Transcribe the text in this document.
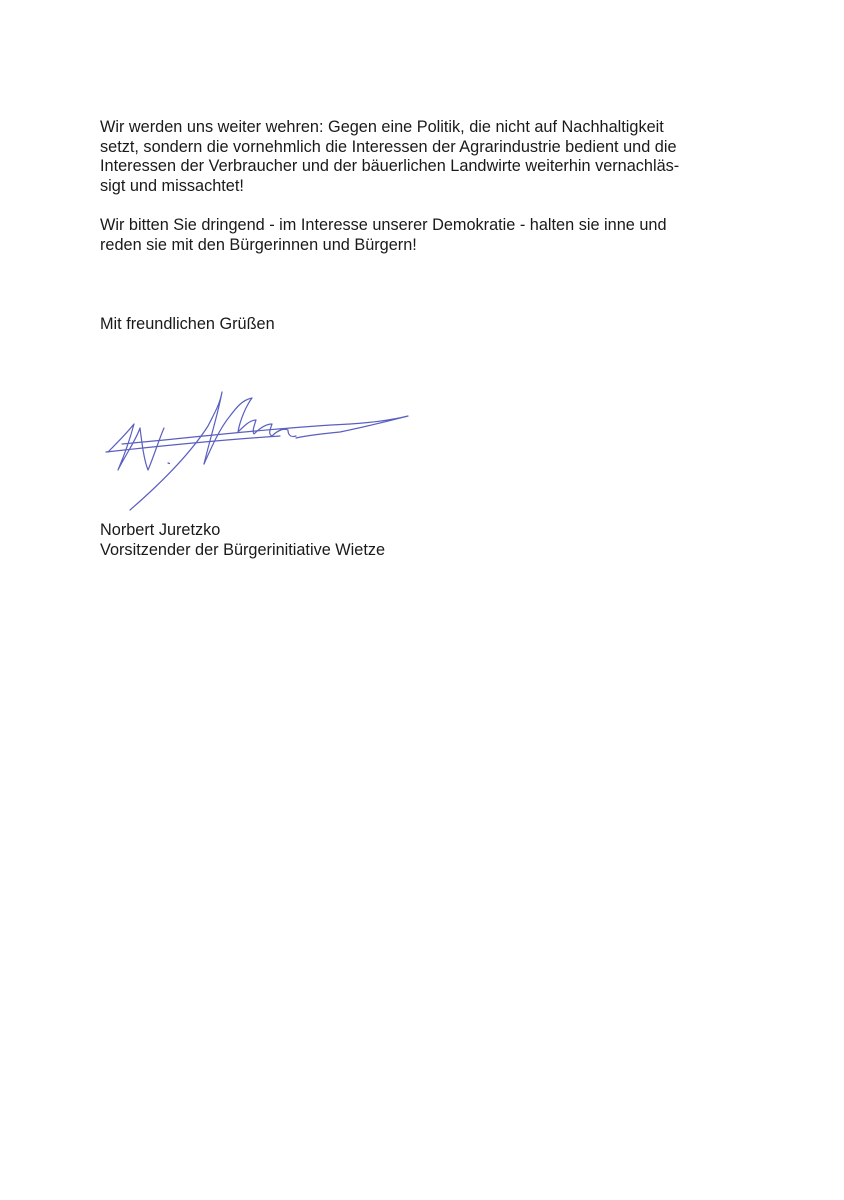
Wir werden uns weiter wehren: Gegen eine Politik, die nicht auf Nachhaltigkeit
setzt, sondern die vornehmlich die Interessen der Agrarindustrie bedient und die
Interessen der Verbraucher und der bäuerlichen Landwirte weiterhin vernachläs-
sigt und missachtet!
Wir bitten Sie dringend - im Interesse unserer Demokratie - halten sie inne und
reden sie mit den Bürgerinnen und Bürgern!
Mit freundlichen Grüßen
Norbert Juretzko
Vorsitzender der Bürgerinitiative Wietze
